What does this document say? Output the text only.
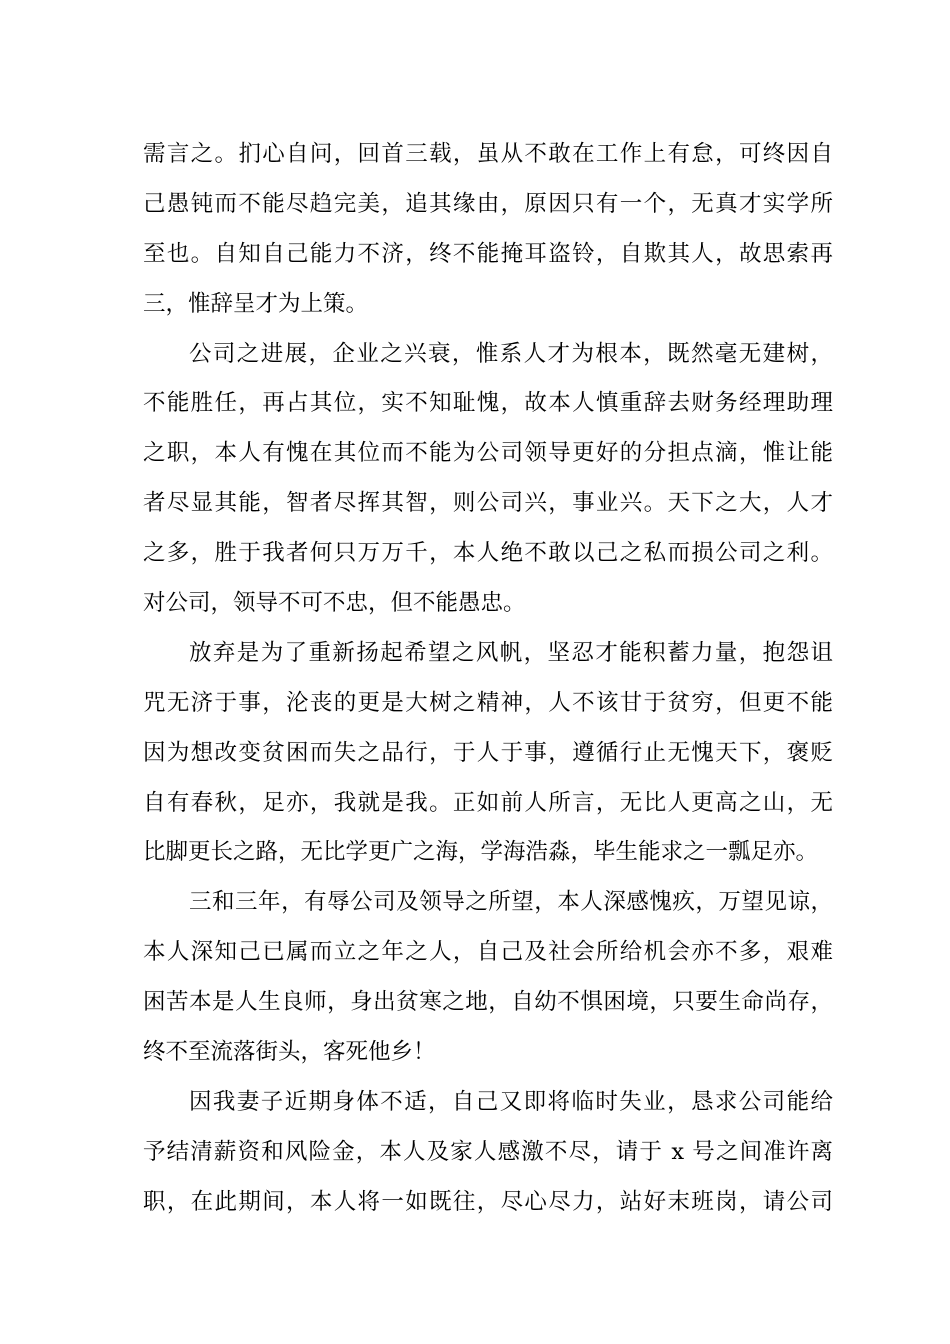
需言之。扪心自问，回首三载，虽从不敢在工作上有怠，可终因自
己愚钝而不能尽趋完美，追其缘由，原因只有一个，无真才实学所
至也。自知自己能力不济，终不能掩耳盗铃，自欺其人，故思索再
三，惟辞呈才为上策。
公司之进展，企业之兴衰，惟系人才为根本，既然毫无建树，
不能胜任，再占其位，实不知耻愧，故本人慎重辞去财务经理助理
之职，本人有愧在其位而不能为公司领导更好的分担点滴，惟让能
者尽显其能，智者尽挥其智，则公司兴，事业兴。天下之大，人才
之多，胜于我者何只万万千，本人绝不敢以己之私而损公司之利。
对公司，领导不可不忠，但不能愚忠。
放弃是为了重新扬起希望之风帆，坚忍才能积蓄力量，抱怨诅
咒无济于事，沦丧的更是大树之精神，人不该甘于贫穷，但更不能
因为想改变贫困而失之品行，于人于事，遵循行止无愧天下，褒贬
自有春秋，足亦，我就是我。正如前人所言，无比人更高之山，无
比脚更长之路，无比学更广之海，学海浩淼，毕生能求之一瓢足亦。
三和三年，有辱公司及领导之所望，本人深感愧疚，万望见谅，
本人深知己已属而立之年之人，自己及社会所给机会亦不多，艰难
困苦本是人生良师，身出贫寒之地，自幼不惧困境，只要生命尚存，
终不至流落街头，客死他乡！
因我妻子近期身体不适，自己又即将临时失业，恳求公司能给
予结清薪资和风险金，本人及家人感激不尽，请于 x 号之间准许离
职，在此期间，本人将一如既往，尽心尽力，站好末班岗，请公司
